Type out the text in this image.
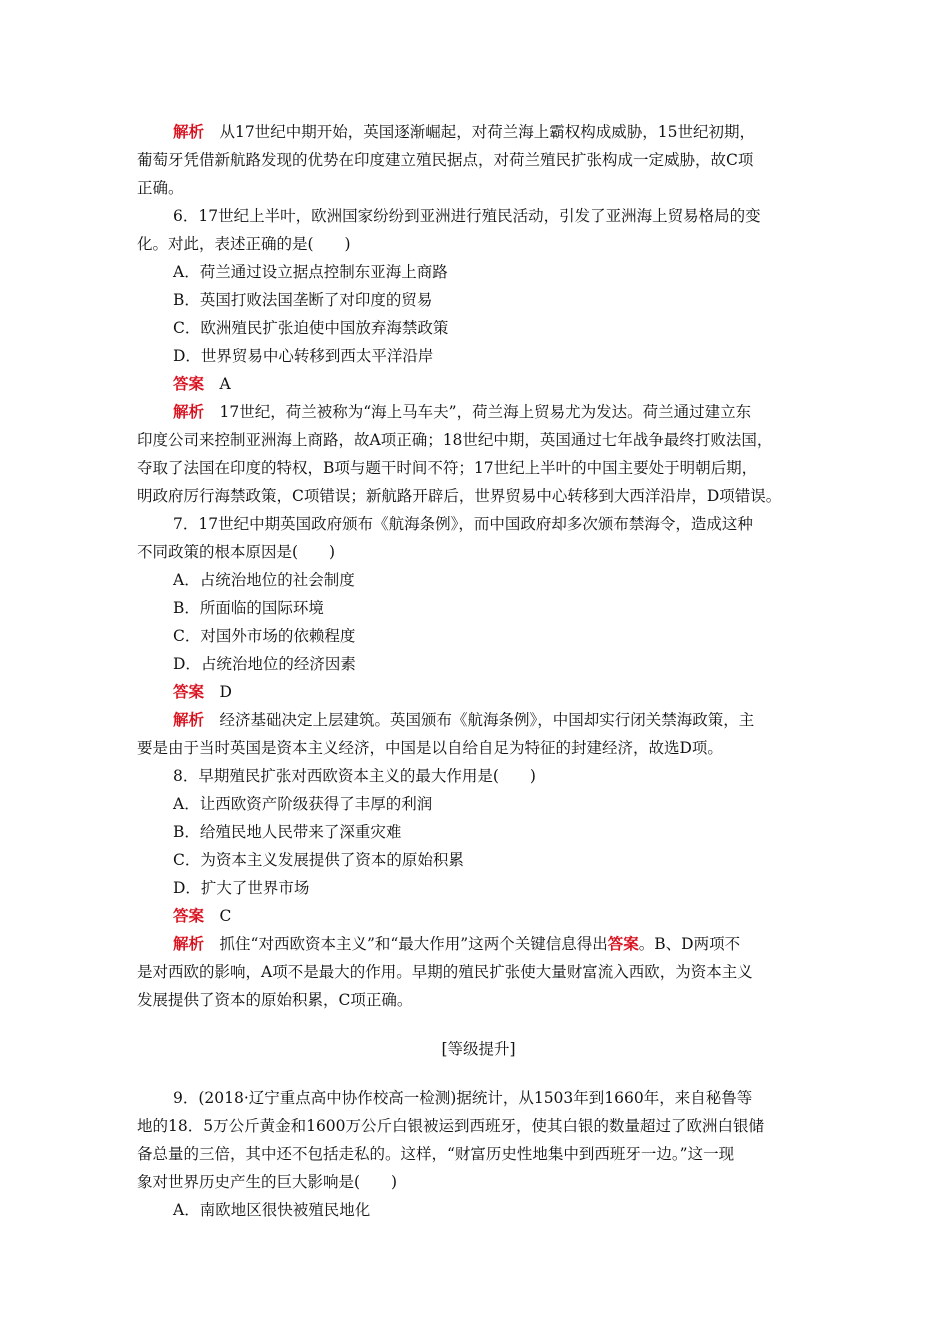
解析　 从17世纪中期开始，英国逐渐崛起，对荷兰海上霸权构成威胁，15世纪初期，
葡萄牙凭借新航路发现的优势在印度建立殖民据点，对荷兰殖民扩张构成一定威胁，故C项
正确。
6．17世纪上半叶，欧洲国家纷纷到亚洲进行殖民活动，引发了亚洲海上贸易格局的变
化。对此，表述正确的是(　　)
A．荷兰通过设立据点控制东亚海上商路
B．英国打败法国垄断了对印度的贸易
C．欧洲殖民扩张迫使中国放弃海禁政策
D．世界贸易中心转移到西太平洋沿岸
答案　 A
解析　 17世纪，荷兰被称为“海上马车夫”，荷兰海上贸易尤为发达。荷兰通过建立东
印度公司来控制亚洲海上商路，故A项正确；18世纪中期，英国通过七年战争最终打败法国，
夺取了法国在印度的特权，B项与题干时间不符；17世纪上半叶的中国主要处于明朝后期，
明政府厉行海禁政策，C项错误；新航路开辟后，世界贸易中心转移到大西洋沿岸，D项错误。
7．17世纪中期英国政府颁布《航海条例》，而中国政府却多次颁布禁海令，造成这种
不同政策的根本原因是(　　)
A．占统治地位的社会制度
B．所面临的国际环境
C．对国外市场的依赖程度
D．占统治地位的经济因素
答案　 D
解析　 经济基础决定上层建筑。英国颁布《航海条例》，中国却实行闭关禁海政策，主
要是由于当时英国是资本主义经济，中国是以自给自足为特征的封建经济，故选D项。
8．早期殖民扩张对西欧资本主义的最大作用是(　　)
A．让西欧资产阶级获得了丰厚的利润
B．给殖民地人民带来了深重灾难
C．为资本主义发展提供了资本的原始积累
D．扩大了世界市场
答案　 C
解析　 抓住“对西欧资本主义”和“最大作用”这两个关键信息得出答案。B、D两项不
是对西欧的影响，A项不是最大的作用。早期的殖民扩张使大量财富流入西欧，为资本主义
发展提供了资本的原始积累，C项正确。
[等级提升]
9．(2018·辽宁重点高中协作校高一检测)据统计，从1503年到1660年，来自秘鲁等
地的18．5万公斤黄金和1600万公斤白银被运到西班牙，使其白银的数量超过了欧洲白银储
备总量的三倍，其中还不包括走私的。这样，“财富历史性地集中到西班牙一边。”这一现
象对世界历史产生的巨大影响是(　　)
A．南欧地区很快被殖民地化
